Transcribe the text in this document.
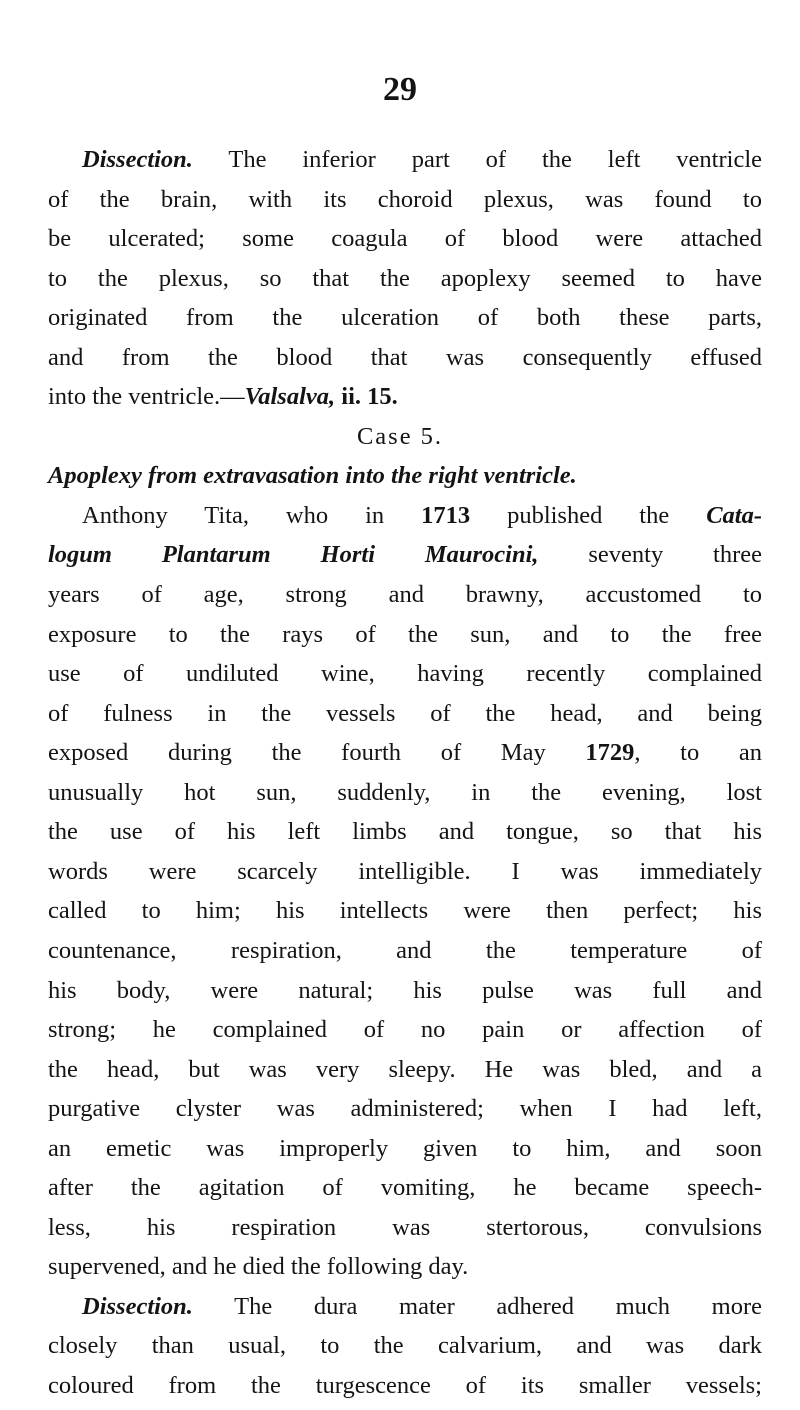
29
Dissection. The inferior part of the left ventricle
of the brain, with its choroid plexus, was found to
be ulcerated; some coagula of blood were attached
to the plexus, so that the apoplexy seemed to have
originated from the ulceration of both these parts,
and from the blood that was consequently effused
into the ventricle.—Valsalva, ii. 15.
Case 5.
Apoplexy from extravasation into the right ventricle.
Anthony Tita, who in 1713 published the Cata-
logum Plantarum Horti Maurocini, seventy three
years of age, strong and brawny, accustomed to
exposure to the rays of the sun, and to the free
use of undiluted wine, having recently complained
of fulness in the vessels of the head, and being
exposed during the fourth of May 1729, to an
unusually hot sun, suddenly, in the evening, lost
the use of his left limbs and tongue, so that his
words were scarcely intelligible. I was immediately
called to him; his intellects were then perfect; his
countenance, respiration, and the temperature of
his body, were natural; his pulse was full and
strong; he complained of no pain or affection of
the head, but was very sleepy. He was bled, and a
purgative clyster was administered; when I had left,
an emetic was improperly given to him, and soon
after the agitation of vomiting, he became speech-
less, his respiration was stertorous, convulsions
supervened, and he died the following day.
Dissection. The dura mater adhered much more
closely than usual, to the calvarium, and was dark
coloured from the turgescence of its smaller vessels;
